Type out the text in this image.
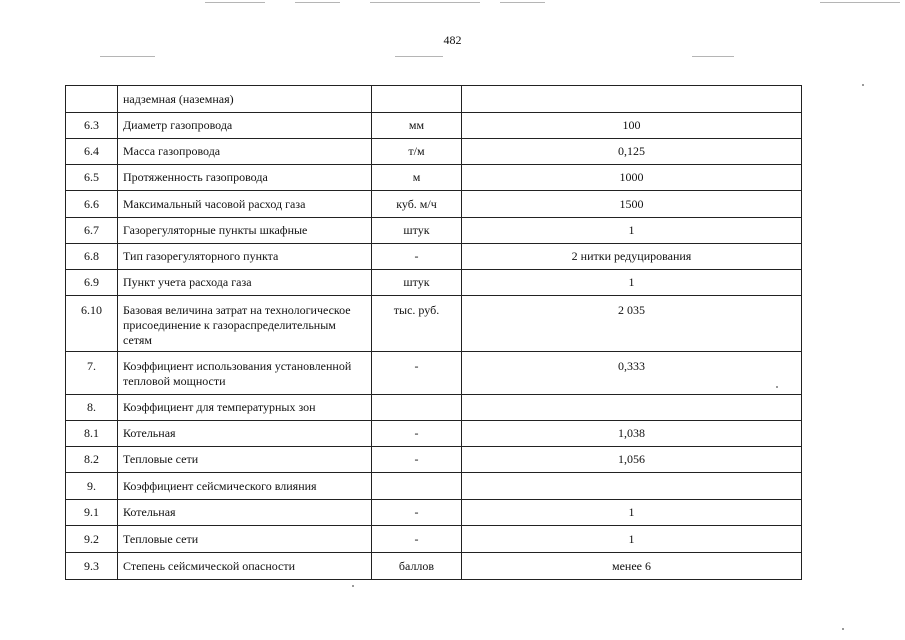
482
	надземная (наземная)		
6.3	Диаметр газопровода	мм	100
6.4	Масса газопровода	т/м	0,125
6.5	Протяженность газопровода	м	1000
6.6	Максимальный часовой расход газа	куб. м/ч	1500
6.7	Газорегуляторные пункты шкафные	штук	1
6.8	Тип газорегуляторного пункта	-	2 нитки редуцирования
6.9	Пункт учета расхода газа	штук	1
6.10	Базовая величина затрат на технологическое присоединение к газораспределительным сетям	тыс. руб.	2 035
7.	Коэффициент использования установленной тепловой мощности	-	0,333
8.	Коэффициент для температурных зон		
8.1	Котельная	-	1,038
8.2	Тепловые сети	-	1,056
9.	Коэффициент сейсмического влияния		
9.1	Котельная	-	1
9.2	Тепловые сети	-	1
9.3	Степень сейсмической опасности	баллов	менее 6
